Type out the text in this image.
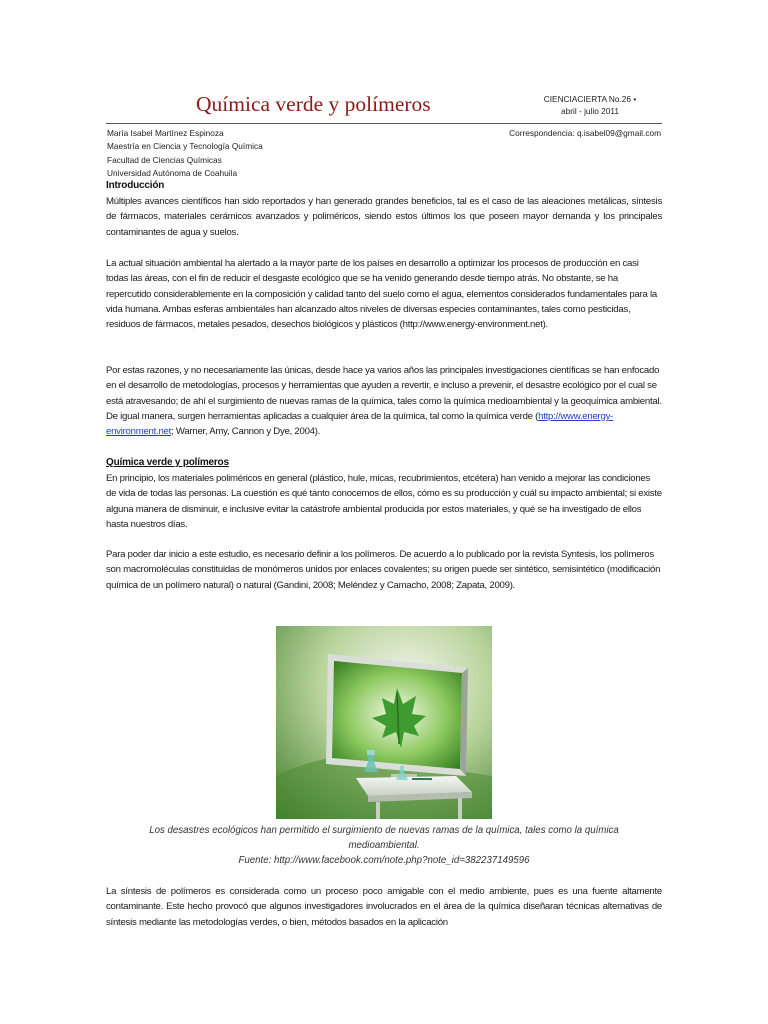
Química verde y polímeros	CIENCIACIERTA No.26 •
abril - julio 2011
María Isabel Martínez Espinoza
Maestría en Ciencia y Tecnología Química
Facultad de Ciencias Químicas
Universidad Autónoma de Coahuila
Correspondencia: q.isabel09@gmail.com
Introducción

Múltiples avances científicos han sido reportados y han generado grandes beneficios, tal es el caso de las aleaciones metálicas, síntesis de fármacos, materiales cerámicos avanzados y poliméricos, siendo estos últimos los que poseen mayor demanda y los principales contaminantes de agua y suelos.

La actual situación ambiental ha alertado a la mayor parte de los países en desarrollo a optimizar los procesos de producción en casi todas las áreas, con el fin de reducir el desgaste ecológico que se ha venido generando desde tiempo atrás. No obstante, se ha repercutido considerablemente en la composición y calidad tanto del suelo como el agua, elementos considerados fundamentales para la vida humana. Ambas esferas ambientales han alcanzado altos niveles de diversas especies contaminantes, tales como pesticidas, residuos de fármacos, metales pesados, desechos biológicos y plásticos (http://www.energy-environment.net).

Por estas razones, y no necesariamente las únicas, desde hace ya varios años las principales investigaciones científicas se han enfocado en el desarrollo de metodologías, procesos y herramientas que ayuden a revertir, e incluso a prevenir, el desastre ecológico por el cual se está atravesando; de ahí el surgimiento de nuevas ramas de la química, tales como la química medioambiental y la geoquímica ambiental. De igual manera, surgen herramientas aplicadas a cualquier área de la química, tal como la química verde (http://www.energy-environment.net; Warner, Amy, Cannon y Dye, 2004).

Química verde y polímeros

En principio, los materiales poliméricos en general (plástico, hule, micas, recubrimientos, etcétera) han venido a mejorar las condiciones de vida de todas las personas. La cuestión es qué tanto conocemos de ellos, cómo es su producción y cuál su impacto ambiental; si existe alguna manera de disminuir, e inclusive evitar la catástrofe ambiental producida por estos materiales, y qué se ha investigado de ellos hasta nuestros días.

Para poder dar inicio a este estudio, es necesario definir a los polímeros. De acuerdo a lo publicado por la revista Syntesis, los polímeros son macromoléculas constituidas de monómeros unidos por enlaces covalentes; su origen puede ser sintético, semisintético (modificación química de un polímero natural) o natural (Gandini, 2008; Meléndez y Camacho, 2008; Zapata, 2009).

Los desastres ecológicos han permitido el surgimiento de nuevas ramas de la química, tales como la química
medioambiental.
Fuente: http://www.facebook.com/note.php?note_id=382237149596

La síntesis de polímeros es considerada como un proceso poco amigable con el medio ambiente, pues es una fuente altamente contaminante. Este hecho provocó que algunos investigadores involucrados en el área de la química diseñaran técnicas alternativas de síntesis mediante las metodologías verdes, o bien, métodos basados en la aplicación
